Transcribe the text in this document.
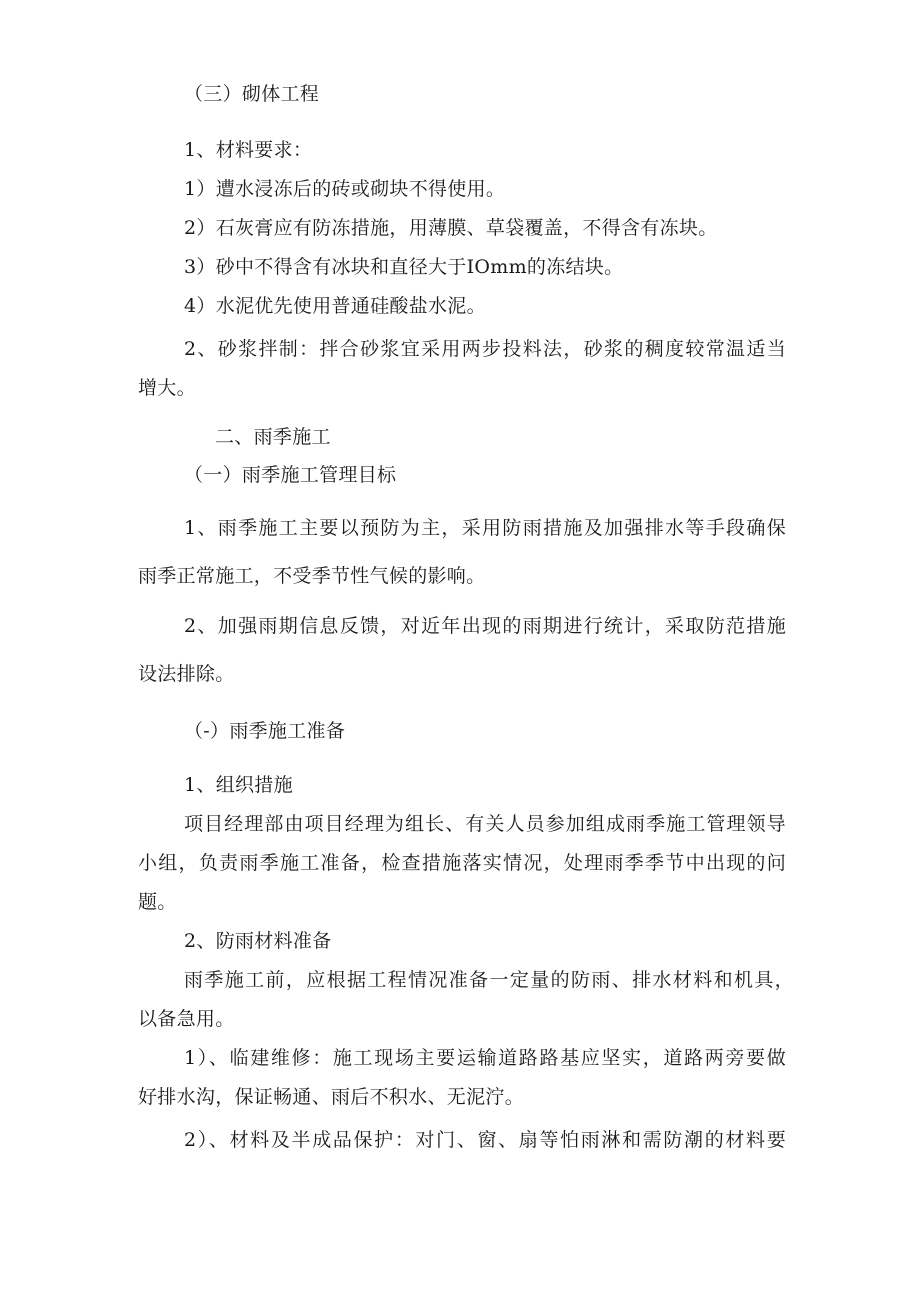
（三）砌体工程
1、材料要求：
1）遭水浸冻后的砖或砌块不得使用。
2）石灰膏应有防冻措施，用薄膜、草袋覆盖，不得含有冻块。
3）砂中不得含有冰块和直径大于IOmm的冻结块。
4）水泥优先使用普通硅酸盐水泥。
2、砂浆拌制：拌合砂浆宜采用两步投料法，砂浆的稠度较常温适当
增大。
二、雨季施工
（一）雨季施工管理目标
1、雨季施工主要以预防为主，采用防雨措施及加强排水等手段确保
雨季正常施工，不受季节性气候的影响。
2、加强雨期信息反馈，对近年出现的雨期进行统计，采取防范措施
设法排除。
（-）雨季施工准备
1、组织措施
项目经理部由项目经理为组长、有关人员参加组成雨季施工管理领导
小组，负责雨季施工准备，检查措施落实情况，处理雨季季节中出现的问
题。
2、防雨材料准备
雨季施工前，应根据工程情况准备一定量的防雨、排水材料和机具，
以备急用。
1）、临建维修：施工现场主要运输道路路基应坚实，道路两旁要做
好排水沟，保证畅通、雨后不积水、无泥泞。
2）、材料及半成品保护：对门、窗、扇等怕雨淋和需防潮的材料要
